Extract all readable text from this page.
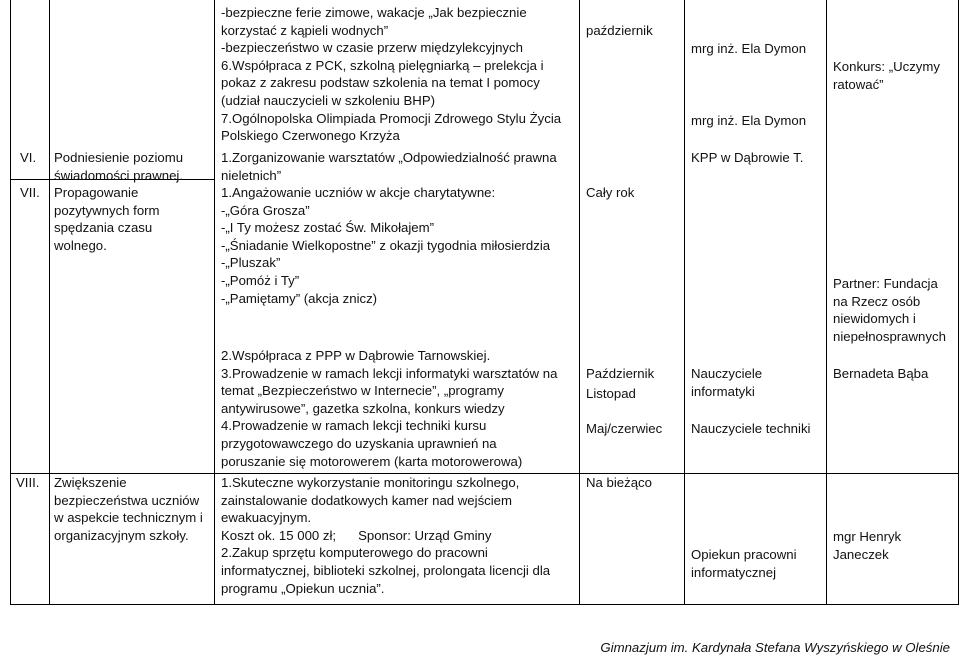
VI.
VII.
VIII.
Podniesienie poziomu
świadomości prawnej.
Propagowanie
pozytywnych form
spędzania czasu
wolnego.
Zwiększenie
bezpieczeństwa uczniów
w aspekcie technicznym i
organizacyjnym szkoły.
-bezpieczne ferie zimowe, wakacje „Jak bezpiecznie
korzystać z kąpieli wodnych”
-bezpieczeństwo w czasie przerw międzylekcyjnych
6.Współpraca z PCK, szkolną pielęgniarką – prelekcja i
pokaz z zakresu podstaw szkolenia na temat I pomocy
(udział nauczycieli w szkoleniu BHP)
7.Ogólnopolska Olimpiada Promocji Zdrowego Stylu Życia
Polskiego Czerwonego Krzyża
1.Zorganizowanie warsztatów „Odpowiedzialność prawna
nieletnich”
1.Angażowanie uczniów w akcje charytatywne:
-„Góra Grosza”
-„I Ty możesz zostać Św. Mikołajem”
-„Śniadanie Wielkopostne” z okazji tygodnia miłosierdzia
-„Pluszak”
-„Pomóż i Ty”
-„Pamiętamy” (akcja znicz)
2.Współpraca z PPP w Dąbrowie Tarnowskiej.
3.Prowadzenie w ramach lekcji informatyki warsztatów na
temat „Bezpieczeństwo w Internecie”, „programy
antywirusowe”, gazetka szkolna, konkurs wiedzy
4.Prowadzenie w ramach lekcji techniki kursu
przygotowawczego do uzyskania uprawnień na
poruszanie się motorowerem (karta motorowerowa)
1.Skuteczne wykorzystanie monitoringu szkolnego,
zainstalowanie dodatkowych kamer nad wejściem
ewakuacyjnym.
Koszt ok. 15 000 zł;      Sponsor: Urząd Gminy
2.Zakup sprzętu komputerowego do pracowni
informatycznej, biblioteki szkolnej, prolongata licencji dla
programu „Opiekun ucznia”.
październik
Cały rok
Październik
Listopad
Maj/czerwiec
Na bieżąco
mrg inż. Ela Dymon
mrg inż. Ela Dymon
KPP w Dąbrowie T.
Nauczyciele
informatyki
Nauczyciele techniki
Opiekun pracowni
informatycznej
Konkurs: „Uczymy
ratować”
Partner: Fundacja
na Rzecz osób
niewidomych i
niepełnosprawnych
Bernadeta Bąba
mgr Henryk
Janeczek
Gimnazjum im. Kardynała Stefana Wyszyńskiego w Oleśnie
